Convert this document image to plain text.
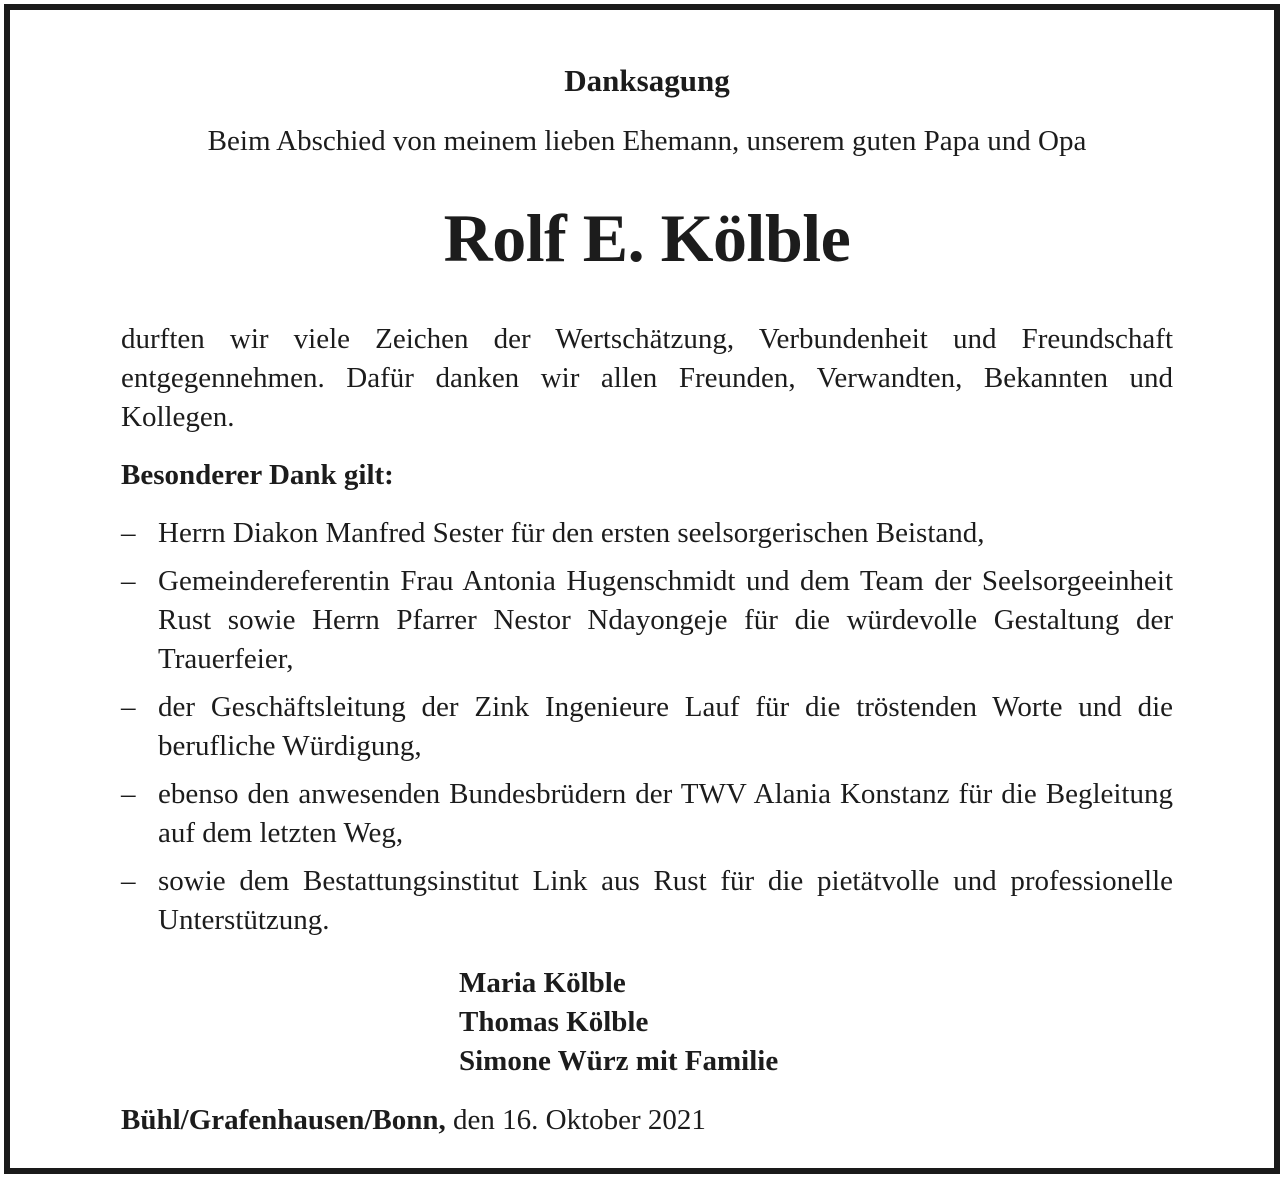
Danksagung
Beim Abschied von meinem lieben Ehemann, unserem guten Papa und Opa
Rolf E. Kölble
durften wir viele Zeichen der Wertschätzung, Verbundenheit und Freundschaft entgegennehmen. Dafür danken wir allen Freunden, Verwandten, Bekannten und Kollegen.
Besonderer Dank gilt:
– Herrn Diakon Manfred Sester für den ersten seelsorgerischen Beistand,
– Gemeindereferentin Frau Antonia Hugenschmidt und dem Team der Seelsorgeeinheit Rust sowie Herrn Pfarrer Nestor Ndayongeje für die würdevolle Gestaltung der Trauerfeier,
– der Geschäftsleitung der Zink Ingenieure Lauf für die tröstenden Worte und die berufliche Würdigung,
– ebenso den anwesenden Bundesbrüdern der TWV Alania Konstanz für die Begleitung auf dem letzten Weg,
– sowie dem Bestattungsinstitut Link aus Rust für die pietätvolle und professionelle Unterstützung.
Maria Kölble
Thomas Kölble
Simone Würz mit Familie
Bühl/Grafenhausen/Bonn, den 16. Oktober 2021
